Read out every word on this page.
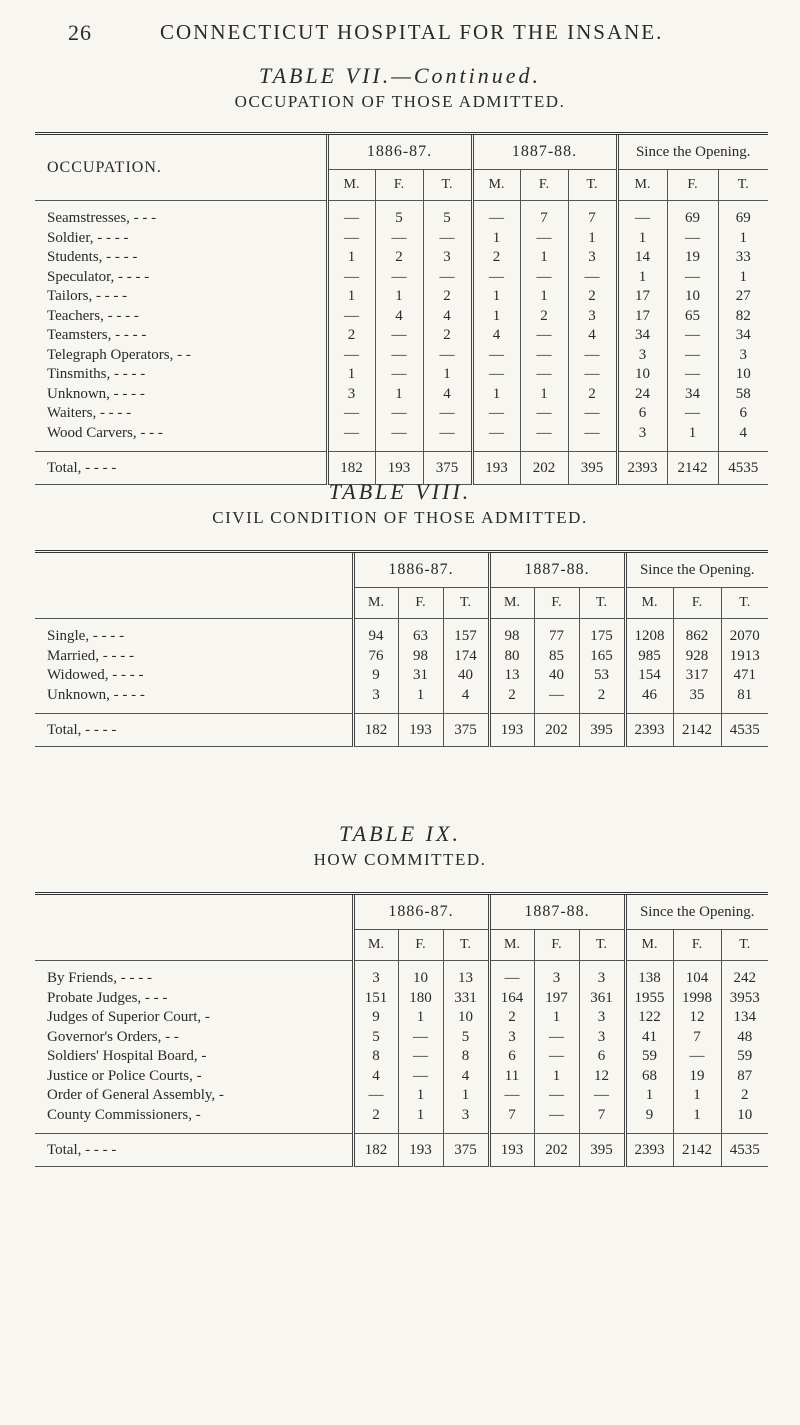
26	CONNECTICUT HOSPITAL FOR THE INSANE.
TABLE VII.—Continued.
OCCUPATION OF THOSE ADMITTED.

OCCUPATION.	1886-87.			1887-88.			Since the Opening.		
	M.	F.	T.	M.	F.	T.	M.	F.	T.

Seamstresses, - - -	—	5	5	—	7	7	—	69	69
Soldier, - - - -	—	—	—	1	—	1	1	—	1
Students, - - - -	1	2	3	2	1	3	14	19	33
Speculator, - - - -	—	—	—	—	—	—	1	—	1
Tailors, - - - -	1	1	2	1	1	2	17	10	27
Teachers, - - - -	—	4	4	1	2	3	17	65	82
Teamsters, - - - -	2	—	2	4	—	4	34	—	34
Telegraph Operators, - -	—	—	—	—	—	—	3	—	3
Tinsmiths, - - - -	1	—	1	—	—	—	10	—	10
Unknown, - - - -	3	1	4	1	1	2	24	34	58
Waiters, - - - -	—	—	—	—	—	—	6	—	6
Wood Carvers, - - -	—	—	—	—	—	—	3	1	4

Total, - - - -	182	193	375	193	202	395	2393	2142	4535

TABLE VIII.
CIVIL CONDITION OF THOSE ADMITTED.

	1886-87.			1887-88.			Since the Opening.		
	M.	F.	T.	M.	F.	T.	M.	F.	T.

Single, - - - -	94	63	157	98	77	175	1208	862	2070
Married, - - - -	76	98	174	80	85	165	985	928	1913
Widowed, - - - -	9	31	40	13	40	53	154	317	471
Unknown, - - - -	3	1	4	2	—	2	46	35	81

Total, - - - -	182	193	375	193	202	395	2393	2142	4535

TABLE IX.
HOW COMMITTED.

	1886-87.			1887-88.			Since the Opening.		
	M.	F.	T.	M.	F.	T.	M.	F.	T.

By Friends, - - - -	3	10	13	—	3	3	138	104	242
Probate Judges, - - -	151	180	331	164	197	361	1955	1998	3953
Judges of Superior Court, -	9	1	10	2	1	3	122	12	134
Governor's Orders, - -	5	—	5	3	—	3	41	7	48
Soldiers' Hospital Board, -	8	—	8	6	—	6	59	—	59
Justice or Police Courts, -	4	—	4	11	1	12	68	19	87
Order of General Assembly, -	—	1	1	—	—	—	1	1	2
County Commissioners, -	2	1	3	7	—	7	9	1	10

Total, - - - -	182	193	375	193	202	395	2393	2142	4535
